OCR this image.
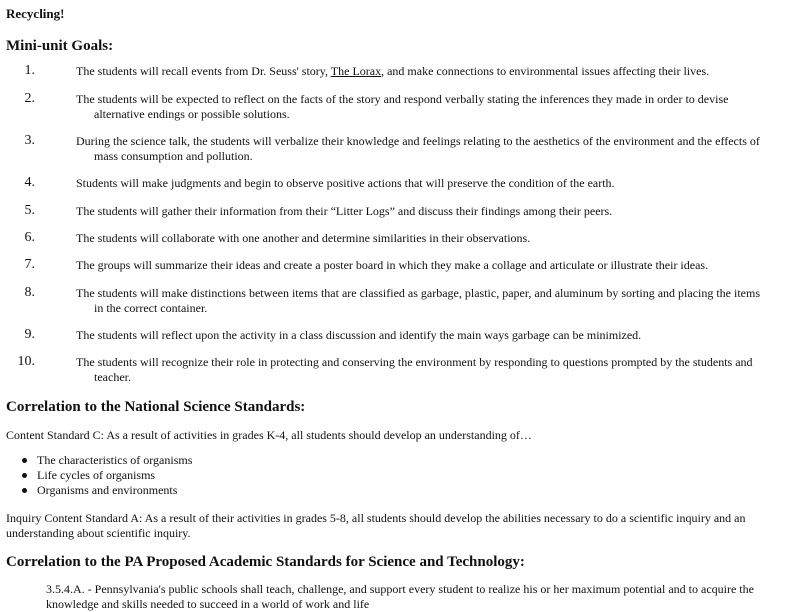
Recycling!
Mini-unit Goals:
1.	The students will recall events from Dr. Seuss' story, The Lorax, and make connections to environmental issues affecting their lives.
2.	The students will be expected to reflect on the facts of the story and respond verbally stating the inferences they made in order to devise
alternative endings or possible solutions.
3.	During the science talk, the students will verbalize their knowledge and feelings relating to the aesthetics of the environment and the effects of
mass consumption and pollution.
4.	Students will make judgments and begin to observe positive actions that will preserve the condition of the earth.
5.	The students will gather their information from their “Litter Logs” and discuss their findings among their peers.
6.	The students will collaborate with one another and determine similarities in their observations.
7.	The groups will summarize their ideas and create a poster board in which they make a collage and articulate or illustrate their ideas.
8.	The students will make distinctions between items that are classified as garbage, plastic, paper, and aluminum by sorting and placing the items
in the correct container.
9.	The students will reflect upon the activity in a class discussion and identify the main ways garbage can be minimized.
10.	The students will recognize their role in protecting and conserving the environment by responding to questions prompted by the students and
teacher.
Correlation to the National Science Standards:
Content Standard C: As a result of activities in grades K-4, all students should develop an understanding of…
The characteristics of organisms
Life cycles of organisms
Organisms and environments
Inquiry Content Standard A: As a result of their activities in grades 5-8, all students should develop the abilities necessary to do a scientific inquiry and an understanding about scientific inquiry.
Correlation to the PA Proposed Academic Standards for Science and Technology:
3.5.4.A. - Pennsylvania's public schools shall teach, challenge, and support every student to realize his or her maximum potential and to acquire the knowledge and skills needed to succeed in a world of work and life
